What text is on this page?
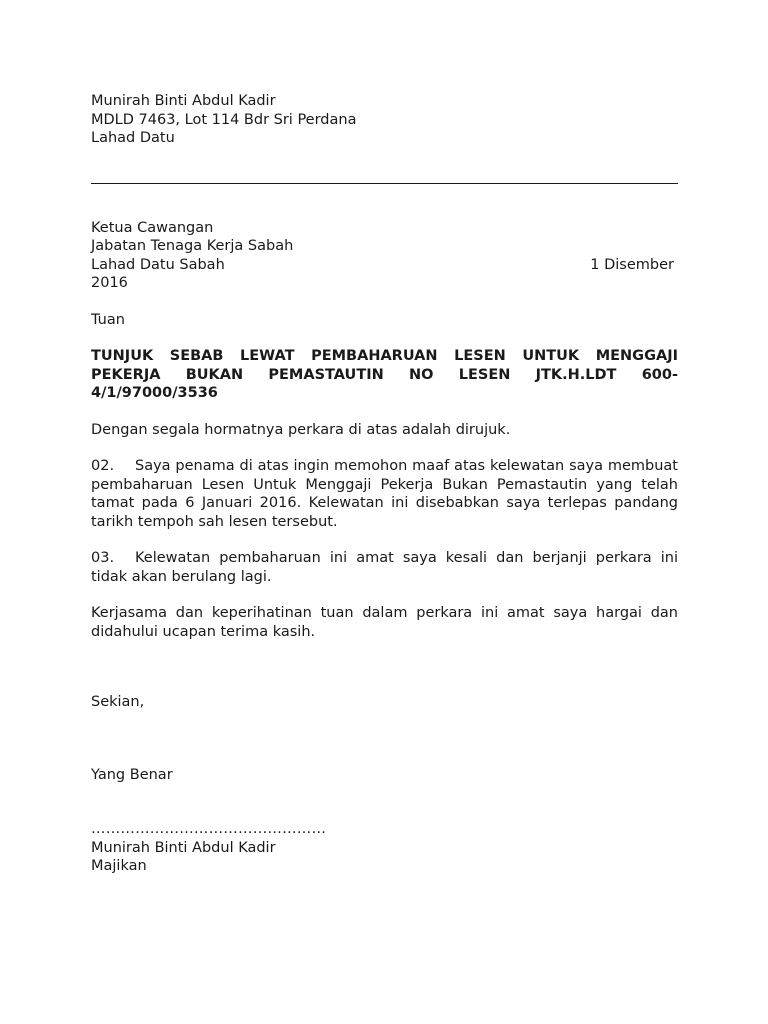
Munirah Binti Abdul Kadir
MDLD 7463, Lot 114 Bdr Sri Perdana
Lahad Datu
Ketua Cawangan
Jabatan Tenaga Kerja Sabah
Lahad Datu Sabah	1 Disember
2016
Tuan
TUNJUK SEBAB LEWAT PEMBAHARUAN LESEN UNTUK MENGGAJI PEKERJA BUKAN PEMASTAUTIN NO LESEN JTK.H.LDT 600-4/1/97000/3536
Dengan segala hormatnya perkara di atas adalah dirujuk.
02. Saya penama di atas ingin memohon maaf atas kelewatan saya membuat pembaharuan Lesen Untuk Menggaji Pekerja Bukan Pemastautin yang telah tamat pada 6 Januari 2016. Kelewatan ini disebabkan saya terlepas pandang tarikh tempoh sah lesen tersebut.
03. Kelewatan pembaharuan ini amat saya kesali dan berjanji perkara ini tidak akan berulang lagi.
Kerjasama dan keperihatinan tuan dalam perkara ini amat saya hargai dan didahului ucapan terima kasih.
Sekian,
Yang Benar
…………………………………………
Munirah Binti Abdul Kadir
Majikan
